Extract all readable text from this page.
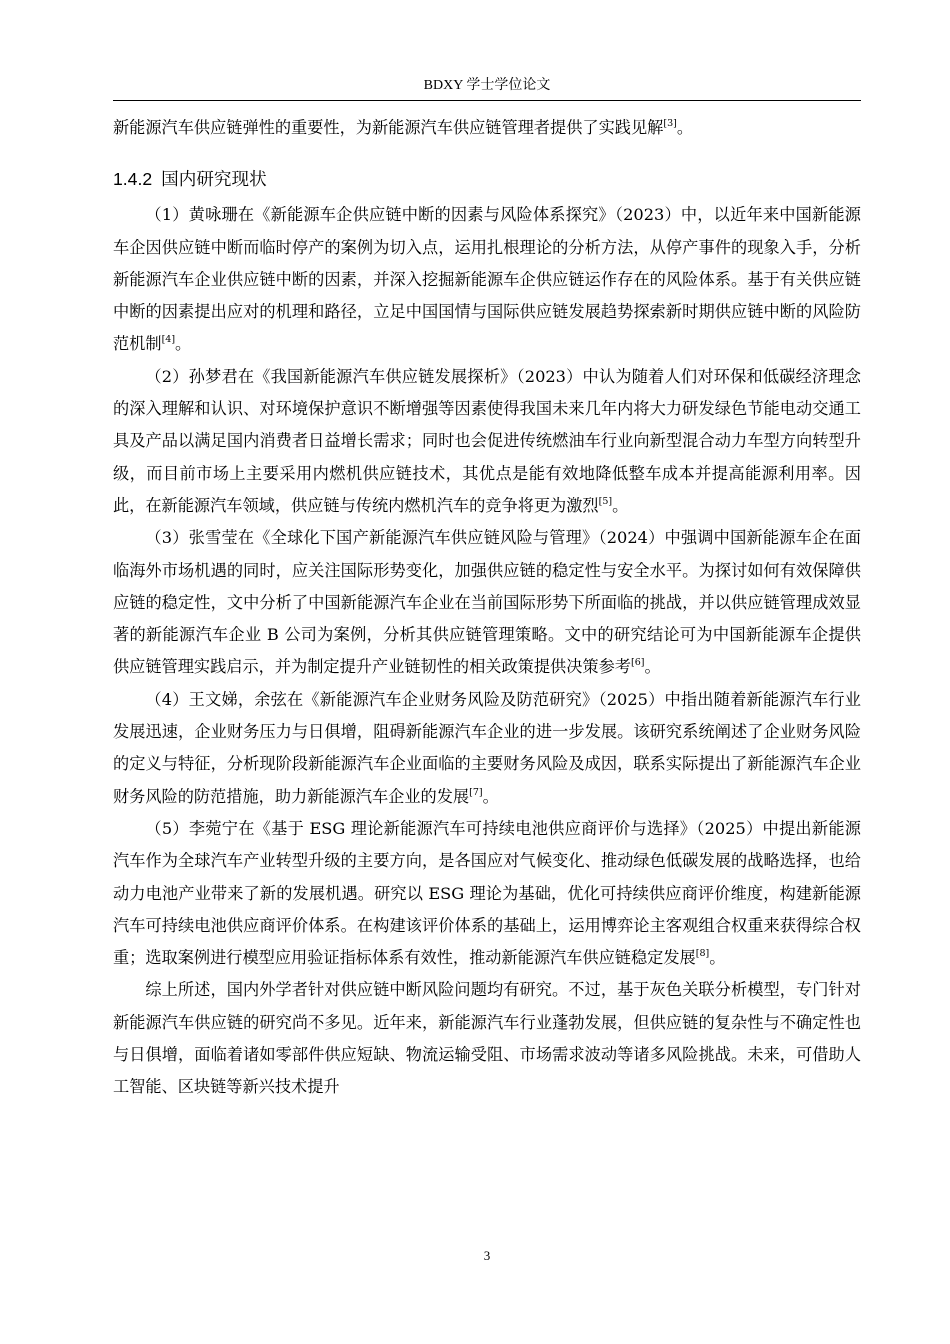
BDXY 学士学位论文

新能源汽车供应链弹性的重要性，为新能源汽车供应链管理者提供了实践见解[3]。

1.4.2 国内研究现状

（1）黄咏珊在《新能源车企供应链中断的因素与风险体系探究》（2023）中，以近年来中国新能源车企因供应链中断而临时停产的案例为切入点，运用扎根理论的分析方法，从停产事件的现象入手，分析新能源汽车企业供应链中断的因素，并深入挖掘新能源车企供应链运作存在的风险体系。基于有关供应链中断的因素提出应对的机理和路径，立足中国国情与国际供应链发展趋势探索新时期供应链中断的风险防范机制[4]。

（2）孙梦君在《我国新能源汽车供应链发展探析》（2023）中认为随着人们对环保和低碳经济理念的深入理解和认识、对环境保护意识不断增强等因素使得我国未来几年内将大力研发绿色节能电动交通工具及产品以满足国内消费者日益增长需求；同时也会促进传统燃油车行业向新型混合动力车型方向转型升级，而目前市场上主要采用内燃机供应链技术，其优点是能有效地降低整车成本并提高能源利用率。因此，在新能源汽车领域，供应链与传统内燃机汽车的竞争将更为激烈[5]。

（3）张雪莹在《全球化下国产新能源汽车供应链风险与管理》（2024）中强调中国新能源车企在面临海外市场机遇的同时，应关注国际形势变化，加强供应链的稳定性与安全水平。为探讨如何有效保障供应链的稳定性，文中分析了中国新能源汽车企业在当前国际形势下所面临的挑战，并以供应链管理成效显著的新能源汽车企业 B 公司为案例，分析其供应链管理策略。文中的研究结论可为中国新能源车企提供供应链管理实践启示，并为制定提升产业链韧性的相关政策提供决策参考[6]。

（4）王文娣，余弦在《新能源汽车企业财务风险及防范研究》（2025）中指出随着新能源汽车行业发展迅速，企业财务压力与日俱增，阻碍新能源汽车企业的进一步发展。该研究系统阐述了企业财务风险的定义与特征，分析现阶段新能源汽车企业面临的主要财务风险及成因，联系实际提出了新能源汽车企业财务风险的防范措施，助力新能源汽车企业的发展[7]。

（5）李菀宁在《基于 ESG 理论新能源汽车可持续电池供应商评价与选择》（2025）中提出新能源汽车作为全球汽车产业转型升级的主要方向，是各国应对气候变化、推动绿色低碳发展的战略选择，也给动力电池产业带来了新的发展机遇。研究以 ESG 理论为基础，优化可持续供应商评价维度，构建新能源汽车可持续电池供应商评价体系。在构建该评价体系的基础上，运用博弈论主客观组合权重来获得综合权重；选取案例进行模型应用验证指标体系有效性，推动新能源汽车供应链稳定发展[8]。

综上所述，国内外学者针对供应链中断风险问题均有研究。不过，基于灰色关联分析模型，专门针对新能源汽车供应链的研究尚不多见。近年来，新能源汽车行业蓬勃发展，但供应链的复杂性与不确定性也与日俱增，面临着诸如零部件供应短缺、物流运输受阻、市场需求波动等诸多风险挑战。未来，可借助人工智能、区块链等新兴技术提升

3
